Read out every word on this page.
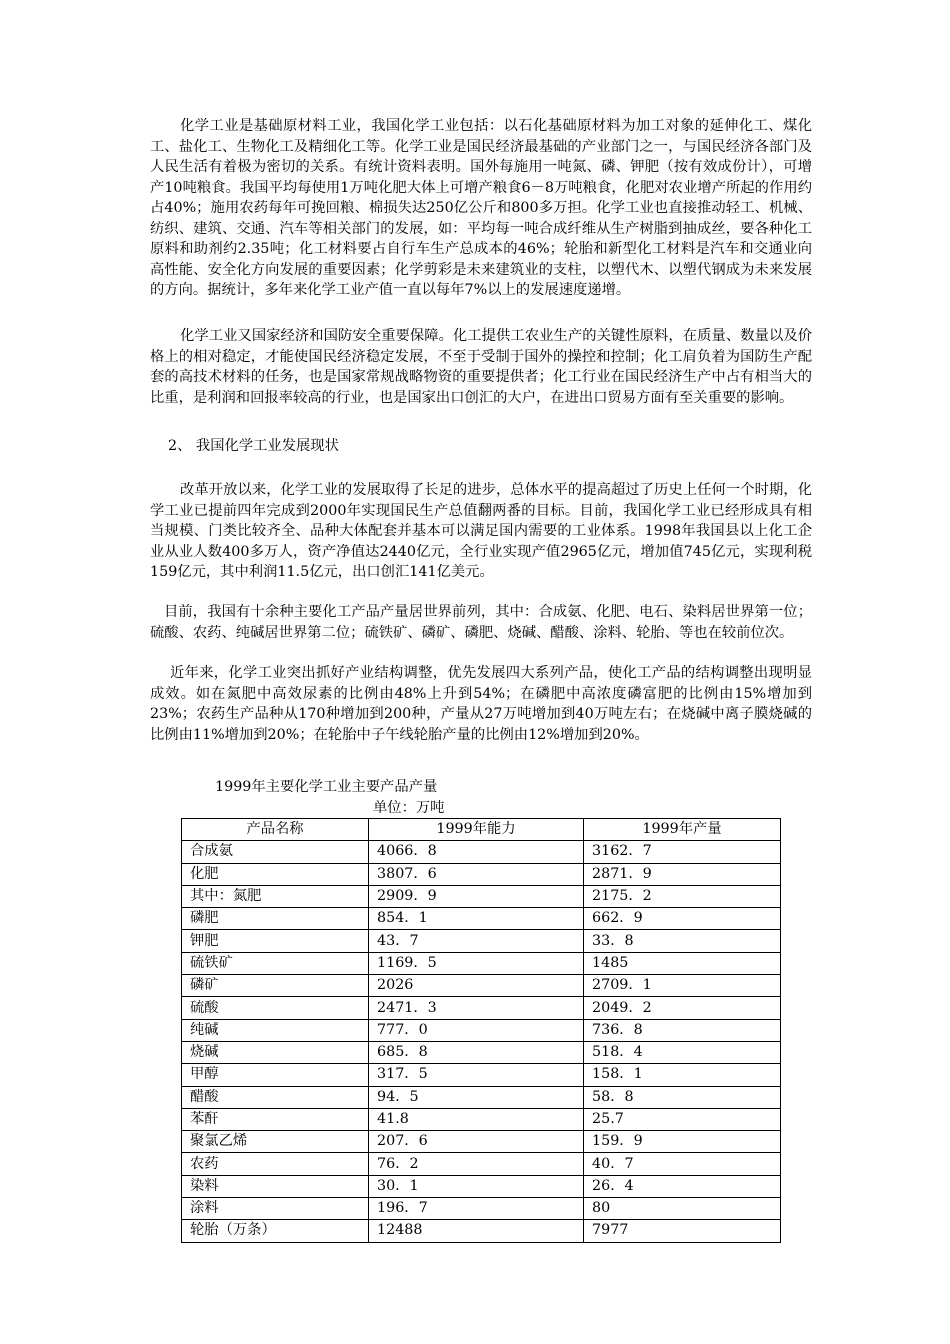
化学工业是基础原材料工业，我国化学工业包括：以石化基础原材料为加工对象的延伸化工、煤化工、盐化工、生物化工及精细化工等。化学工业是国民经济最基础的产业部门之一，与国民经济各部门及人民生活有着极为密切的关系。有统计资料表明。国外每施用一吨氮、磷、钾肥（按有效成份计），可增产10吨粮食。我国平均每使用1万吨化肥大体上可增产粮食6－8万吨粮食，化肥对农业增产所起的作用约占40%；施用农药每年可挽回粮、棉损失达250亿公斤和800多万担。化学工业也直接推动轻工、机械、纺织、建筑、交通、汽车等相关部门的发展，如：平均每一吨合成纤维从生产树脂到抽成丝，要各种化工原料和助剂约2.35吨；化工材料要占自行车生产总成本的46%；轮胎和新型化工材料是汽车和交通业向高性能、安全化方向发展的重要因素；化学剪彩是未来建筑业的支柱，以塑代木、以塑代钢成为未来发展的方向。据统计，多年来化学工业产值一直以每年7%以上的发展速度递增。

化学工业又国家经济和国防安全重要保障。化工提供工农业生产的关键性原料，在质量、数量以及价格上的相对稳定，才能使国民经济稳定发展，不至于受制于国外的操控和控制；化工肩负着为国防生产配套的高技术材料的任务，也是国家常规战略物资的重要提供者；化工行业在国民经济生产中占有相当大的比重，是利润和回报率较高的行业，也是国家出口创汇的大户，在进出口贸易方面有至关重要的影响。

2、 我国化学工业发展现状

改革开放以来，化学工业的发展取得了长足的进步，总体水平的提高超过了历史上任何一个时期，化学工业已提前四年完成到2000年实现国民生产总值翻两番的目标。目前，我国化学工业已经形成具有相当规模、门类比较齐全、品种大体配套并基本可以满足国内需要的工业体系。1998年我国县以上化工企业从业人数400多万人，资产净值达2440亿元，全行业实现产值2965亿元，增加值745亿元，实现利税159亿元，其中利润11.5亿元，出口创汇141亿美元。

目前，我国有十余种主要化工产品产量居世界前列，其中：合成氨、化肥、电石、染料居世界第一位；硫酸、农药、纯碱居世界第二位；硫铁矿、磷矿、磷肥、烧碱、醋酸、涂料、轮胎、等也在较前位次。

近年来，化学工业突出抓好产业结构调整，优先发展四大系列产品，使化工产品的结构调整出现明显成效。如在氮肥中高效尿素的比例由48%上升到54%；在磷肥中高浓度磷富肥的比例由15%增加到23%；农药生产品种从170种增加到200种，产量从27万吨增加到40万吨左右；在烧碱中离子膜烧碱的比例由11%增加到20%；在轮胎中子午线轮胎产量的比例由12%增加到20%。

1999年主要化学工业主要产品产量

单位：万吨

产品名称	1999年能力	1999年产量
合成氨	4066．8	3162．7
化肥	3807．6	2871．9
其中：氮肥	2909．9	2175．2
磷肥	854．1	662．9
钾肥	43．7	33．8
硫铁矿	1169．5	1485
磷矿	2026	2709．1
硫酸	2471．3	2049．2
纯碱	777．0	736．8
烧碱	685．8	518．4
甲醇	317．5	158．1
醋酸	94．5	58．8
苯酐	41.8	25.7
聚氯乙烯	207．6	159．9
农药	76．2	40．7
染料	30．1	26．4
涂料	196．7	80
轮胎（万条）	12488	7977
